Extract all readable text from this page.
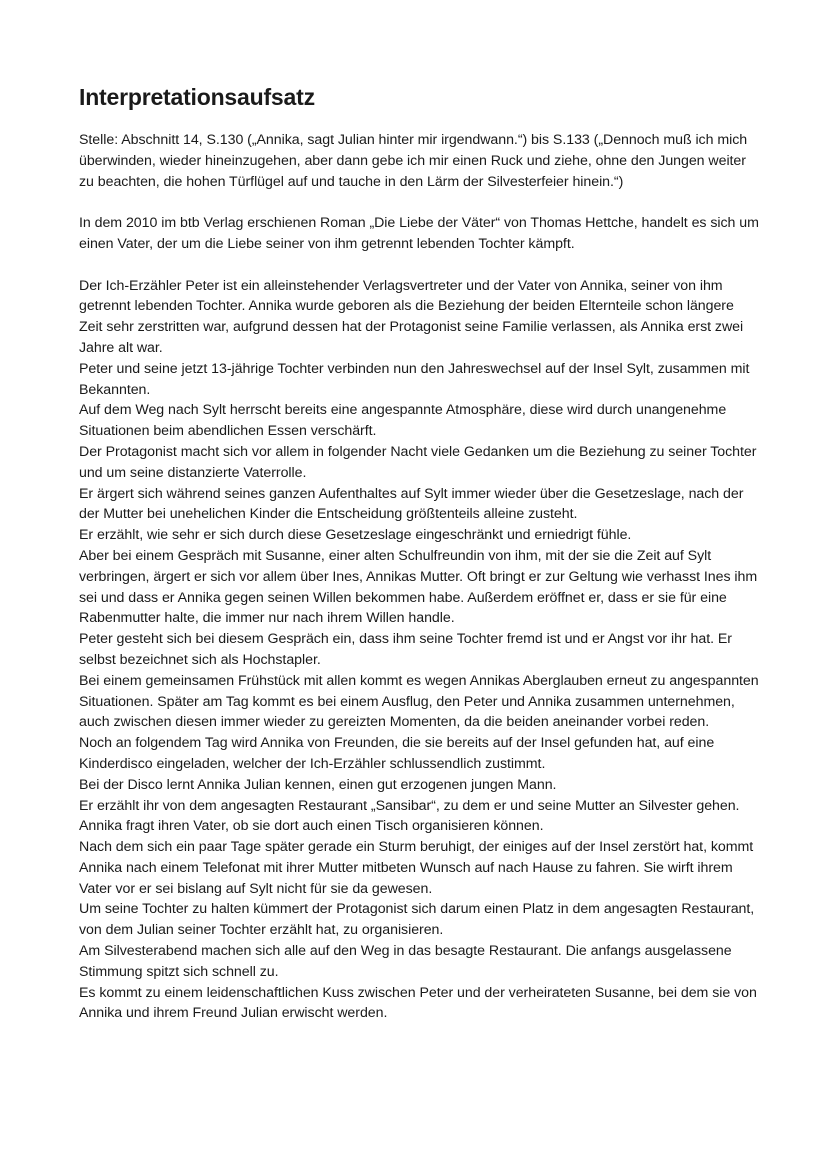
Interpretationsaufsatz

Stelle: Abschnitt 14, S.130 („Annika, sagt Julian hinter mir irgendwann.“) bis S.133 („Dennoch muß ich mich überwinden, wieder hineinzugehen, aber dann gebe ich mir einen Ruck und ziehe, ohne den Jungen weiter zu beachten, die hohen Türflügel auf und tauche in den Lärm der Silvesterfeier hinein.“)

In dem 2010 im btb Verlag erschienen Roman „Die Liebe der Väter“ von Thomas Hettche, handelt es sich um einen Vater, der um die Liebe seiner von ihm getrennt lebenden Tochter kämpft.

Der Ich-Erzähler Peter ist ein alleinstehender Verlagsvertreter und der Vater von Annika, seiner von ihm getrennt lebenden Tochter. Annika wurde geboren als die Beziehung der beiden Elternteile schon längere Zeit sehr zerstritten war, aufgrund dessen hat der Protagonist seine Familie verlassen, als Annika erst zwei Jahre alt war.

Peter und seine jetzt 13-jährige Tochter verbinden nun den Jahreswechsel auf der Insel Sylt, zusammen mit Bekannten.

Auf dem Weg nach Sylt herrscht bereits eine angespannte Atmosphäre, diese wird durch unangenehme Situationen beim abendlichen Essen verschärft.

Der Protagonist macht sich vor allem in folgender Nacht viele Gedanken um die Beziehung zu seiner Tochter und um seine distanzierte Vaterrolle.

Er ärgert sich während seines ganzen Aufenthaltes auf Sylt immer wieder über die Gesetzeslage, nach der der Mutter bei unehelichen Kinder die Entscheidung größtenteils alleine zusteht.

Er erzählt, wie sehr er sich durch diese Gesetzeslage eingeschränkt und erniedrigt fühle.

Aber bei einem Gespräch mit Susanne, einer alten Schulfreundin von ihm, mit der sie die Zeit auf Sylt verbringen, ärgert er sich vor allem über Ines, Annikas Mutter. Oft bringt er zur Geltung wie verhasst Ines ihm sei und dass er Annika gegen seinen Willen bekommen habe. Außerdem eröffnet er, dass er sie für eine Rabenmutter halte, die immer nur nach ihrem Willen handle.

Peter gesteht sich bei diesem Gespräch ein, dass ihm seine Tochter fremd ist und er Angst vor ihr hat. Er selbst bezeichnet sich als Hochstapler.

Bei einem gemeinsamen Frühstück mit allen kommt es wegen Annikas Aberglauben erneut zu angespannten Situationen. Später am Tag kommt es bei einem Ausflug, den Peter und Annika zusammen unternehmen, auch zwischen diesen immer wieder zu gereizten Momenten, da die beiden aneinander vorbei reden.

Noch an folgendem Tag wird Annika von Freunden, die sie bereits auf der Insel gefunden hat, auf eine Kinderdisco eingeladen, welcher der Ich-Erzähler schlussendlich zustimmt.

Bei der Disco lernt Annika Julian kennen, einen gut erzogenen jungen Mann.

Er erzählt ihr von dem angesagten Restaurant „Sansibar“, zu dem er und seine Mutter an Silvester gehen. Annika fragt ihren Vater, ob sie dort auch einen Tisch organisieren können.

Nach dem sich ein paar Tage später gerade ein Sturm beruhigt, der einiges auf der Insel zerstört hat, kommt Annika nach einem Telefonat mit ihrer Mutter mitbeten Wunsch auf nach Hause zu fahren. Sie wirft ihrem Vater vor er sei bislang auf Sylt nicht für sie da gewesen.

Um seine Tochter zu halten kümmert der Protagonist sich darum einen Platz in dem angesagten Restaurant, von dem Julian seiner Tochter erzählt hat, zu organisieren.

Am Silvesterabend machen sich alle auf den Weg in das besagte Restaurant. Die anfangs ausgelassene Stimmung spitzt sich schnell zu.

Es kommt zu einem leidenschaftlichen Kuss zwischen Peter und der verheirateten Susanne, bei dem sie von Annika und ihrem Freund Julian erwischt werden.
